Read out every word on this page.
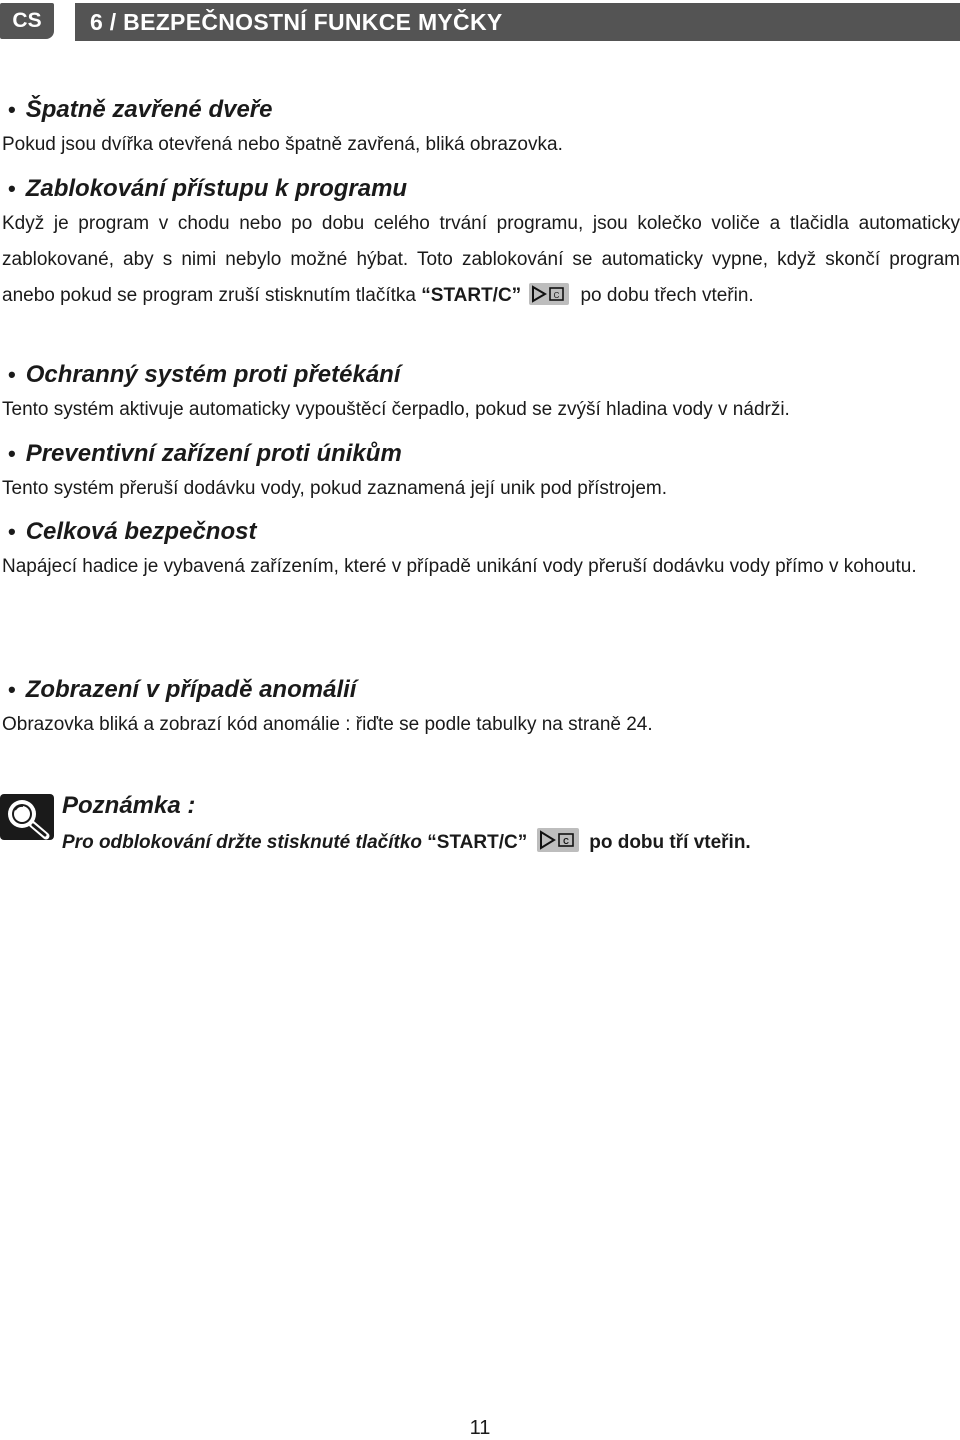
CS	6 / BEZPEČNOSTNÍ FUNKCE MYČKY
• Špatně zavřené dveře

Pokud jsou dvířka otevřená nebo špatně zavřená, bliká obrazovka.

• Zablokování přístupu k programu

Když je program v chodu nebo po dobu celého trvání programu, jsou kolečko voliče a tlačidla automaticky zablokované, aby s nimi nebylo možné hýbat. Toto zablokování se automaticky vypne, když skončí program anebo pokud se program zruší stisknutím tlačítka “START/C”	C po dobu třech vteřin.

• Ochranný systém proti přetékání

Tento systém aktivuje automaticky vypouštěcí čerpadlo, pokud se zvýší hladina vody v nádrži.

• Preventivní zařízení proti únikům

Tento systém přeruší dodávku vody, pokud zaznamená její unik pod přístrojem.

• Celková bezpečnost

Napájecí hadice je vybavená zařízením, které v případě unikání vody přeruší dodávku vody přímo v kohoutu.

• Zobrazení v případě anomálií

Obrazovka bliká a zobrazí kód anomálie : řiďte se podle tabulky na straně 24.

Poznámka :
Pro odblokování držte stisknuté tlačítko “START/C”	C po dobu tří vteřin.
11
